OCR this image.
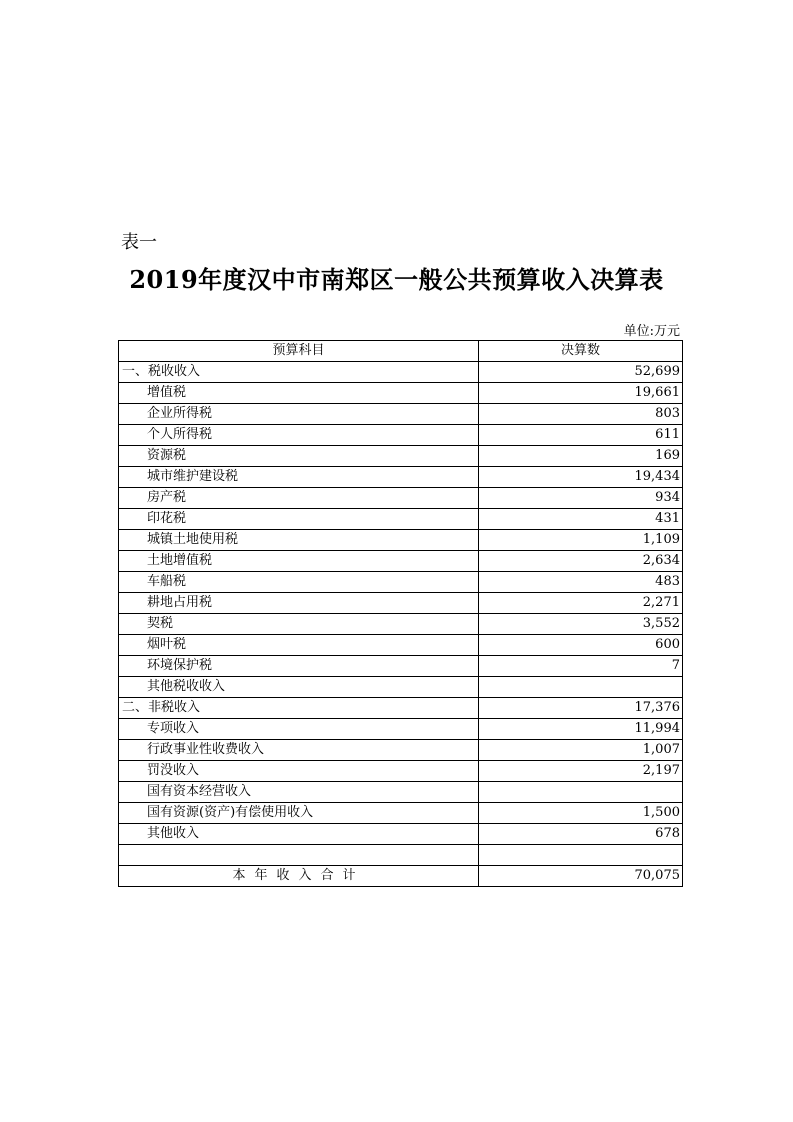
表一
2019年度汉中市南郑区一般公共预算收入决算表
单位:万元
预算科目	决算数
一、税收收入	52,699
增值税	19,661
企业所得税	803
个人所得税	611
资源税	169
城市维护建设税	19,434
房产税	934
印花税	431
城镇土地使用税	1,109
土地增值税	2,634
车船税	483
耕地占用税	2,271
契税	3,552
烟叶税	600
环境保护税	7
其他税收收入	
二、非税收入	17,376
专项收入	11,994
行政事业性收费收入	1,007
罚没收入	2,197
国有资本经营收入	
国有资源(资产)有偿使用收入	1,500
其他收入	678

本年收入合计	70,075
